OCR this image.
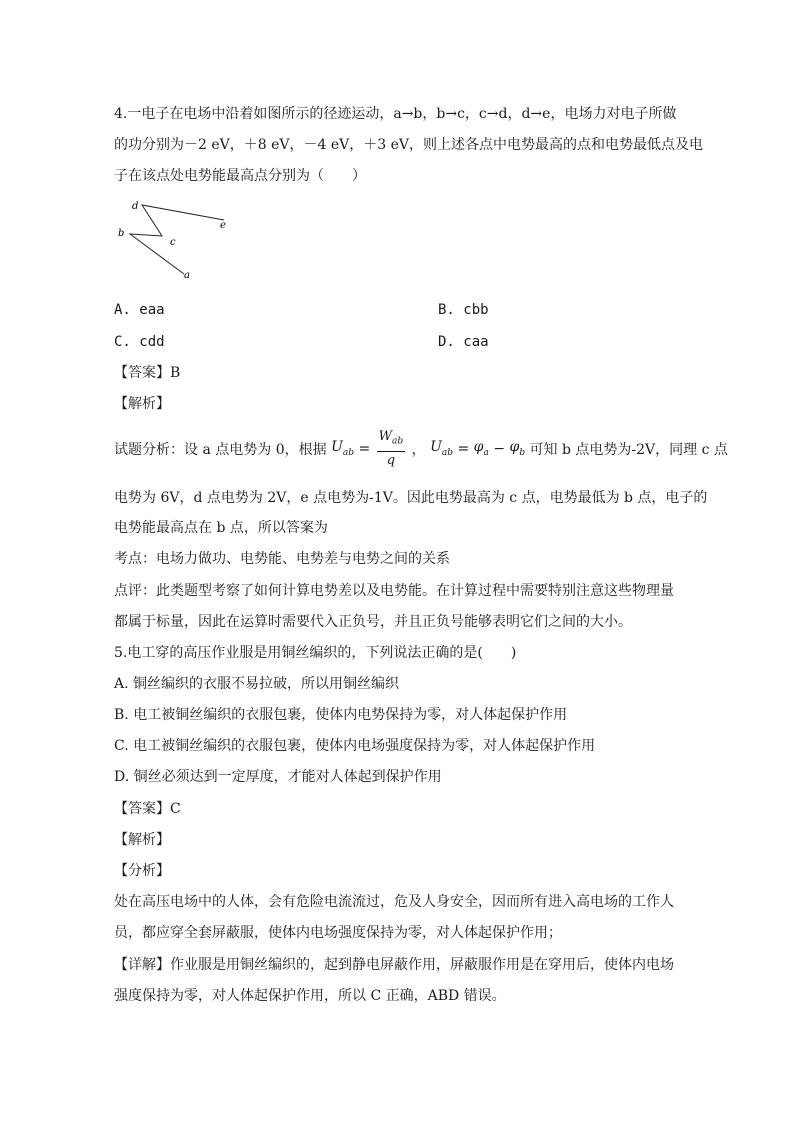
4.一电子在电场中沿着如图所示的径迹运动，a→b，b→c，c→d，d→e，电场力对电子所做
的功分别为－2 eV，＋8 eV，－4 eV，＋3 eV，则上述各点中电势最高的点和电势最低点及电
子在该点处电势能最高点分别为（　　）
d
e
b
c
a
A. eaa	B. cbb
C. cdd	D. caa
【答案】B
【解析】
试题分析：设 a 点电势为 0，根据 $U_{ab} = \frac{W_{ab}}{q}$ ， $U_{ab} = \varphi_a - \varphi_b$ 可知 b 点电势为-2V，同理 c 点
电势为 6V，d 点电势为 2V，e 点电势为-1V。因此电势最高为 c 点，电势最低为 b 点，电子的
电势能最高点在 b 点，所以答案为
考点：电场力做功、电势能、电势差与电势之间的关系
点评：此类题型考察了如何计算电势差以及电势能。在计算过程中需要特别注意这些物理量
都属于标量，因此在运算时需要代入正负号，并且正负号能够表明它们之间的大小。
5.电工穿的高压作业服是用铜丝编织的，下列说法正确的是(　　)
A. 铜丝编织的衣服不易拉破，所以用铜丝编织
B. 电工被铜丝编织的衣服包裹，使体内电势保持为零，对人体起保护作用
C. 电工被铜丝编织的衣服包裹，使体内电场强度保持为零，对人体起保护作用
D. 铜丝必须达到一定厚度，才能对人体起到保护作用
【答案】C
【解析】
【分析】
处在高压电场中的人体，会有危险电流流过，危及人身安全，因而所有进入高电场的工作人
员，都应穿全套屏蔽服，使体内电场强度保持为零，对人体起保护作用；
【详解】作业服是用铜丝编织的，起到静电屏蔽作用，屏蔽服作用是在穿用后，使体内电场
强度保持为零，对人体起保护作用，所以 C 正确，ABD 错误。
